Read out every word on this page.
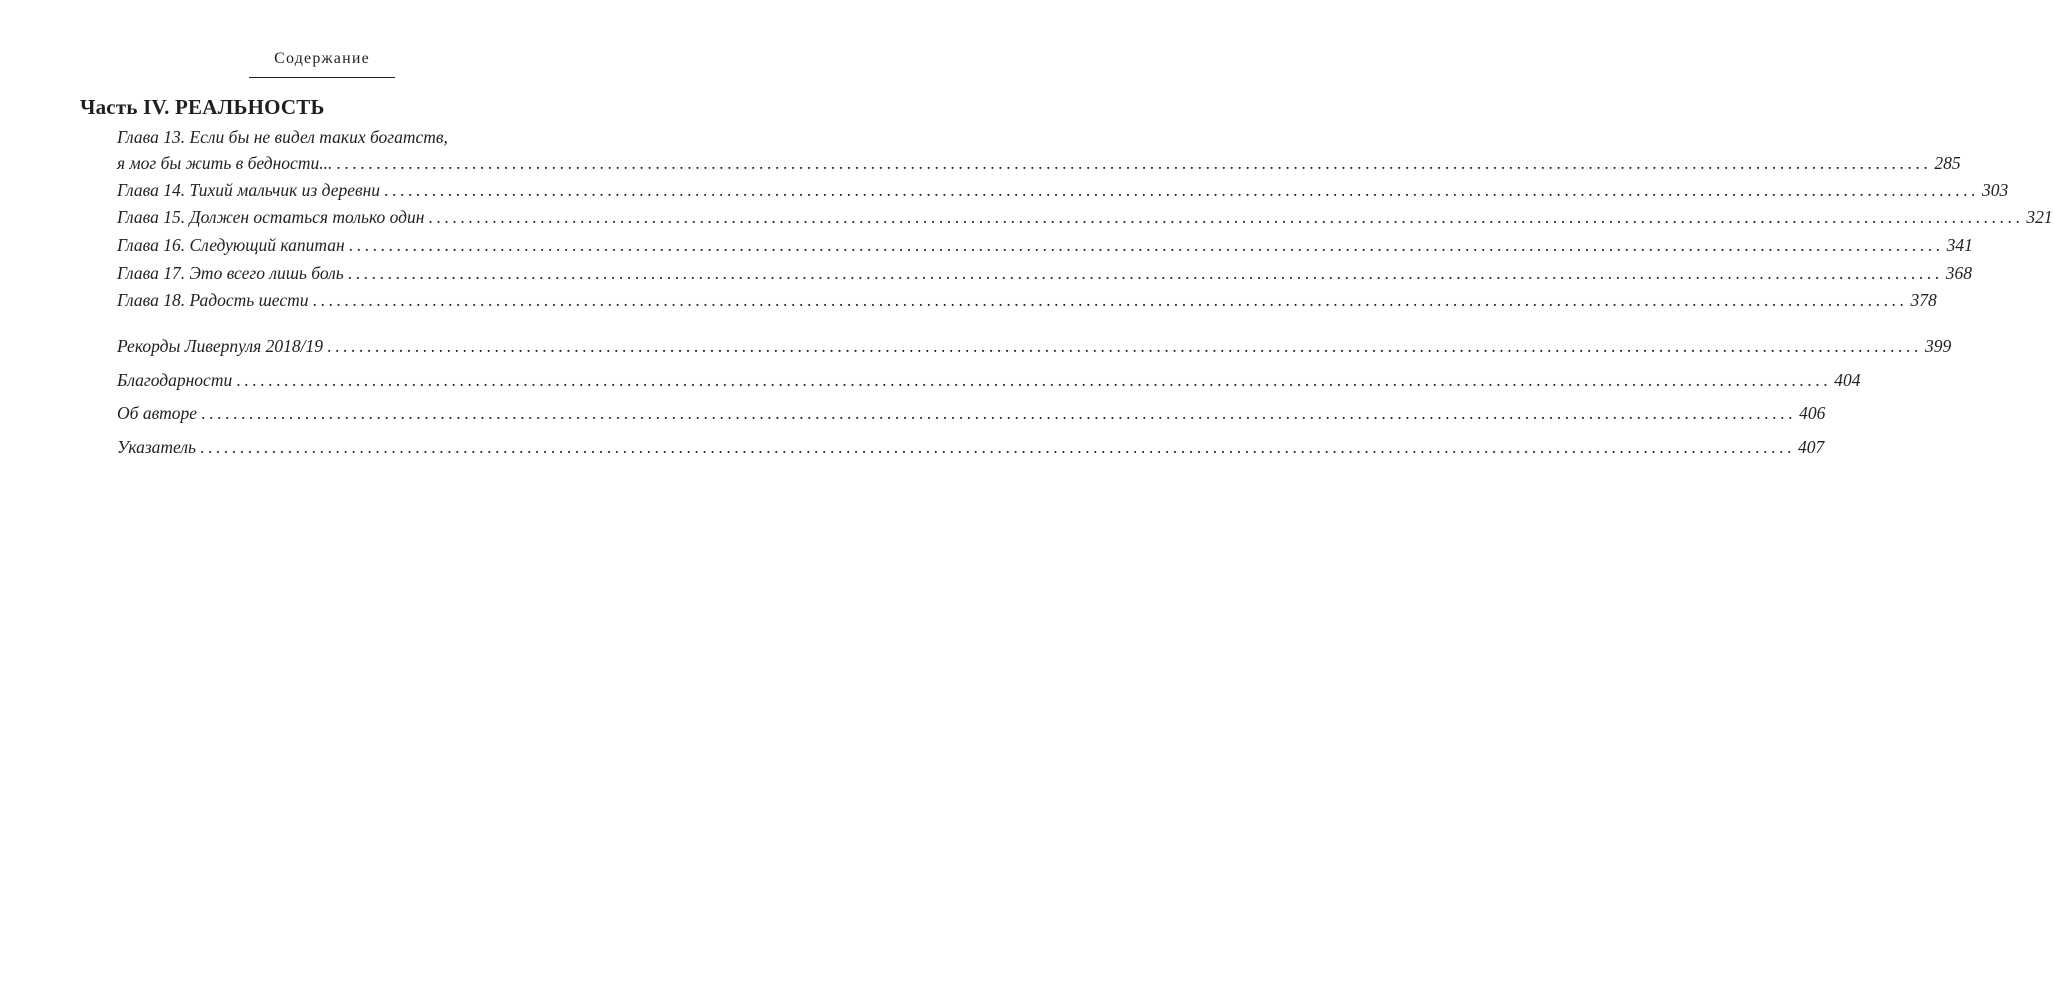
Содержание
Часть IV. РЕАЛЬНОСТЬ
Глава 13. Если бы не видел таких богатств,
я мог бы жить в бедности... ........................................................................................................................................................................................................ 285
Глава 14. Тихий мальчик из деревни ........................................................................................................................................................................................................ 303
Глава 15. Должен остаться только один ........................................................................................................................................................................................................ 321
Глава 16. Следующий капитан ........................................................................................................................................................................................................ 341
Глава 17. Это всего лишь боль ........................................................................................................................................................................................................ 368
Глава 18. Радость шести ........................................................................................................................................................................................................ 378
Рекорды Ливерпуля 2018/19 ........................................................................................................................................................................................................ 399
Благодарности ........................................................................................................................................................................................................ 404
Об авторе ........................................................................................................................................................................................................ 406
Указатель ........................................................................................................................................................................................................ 407
